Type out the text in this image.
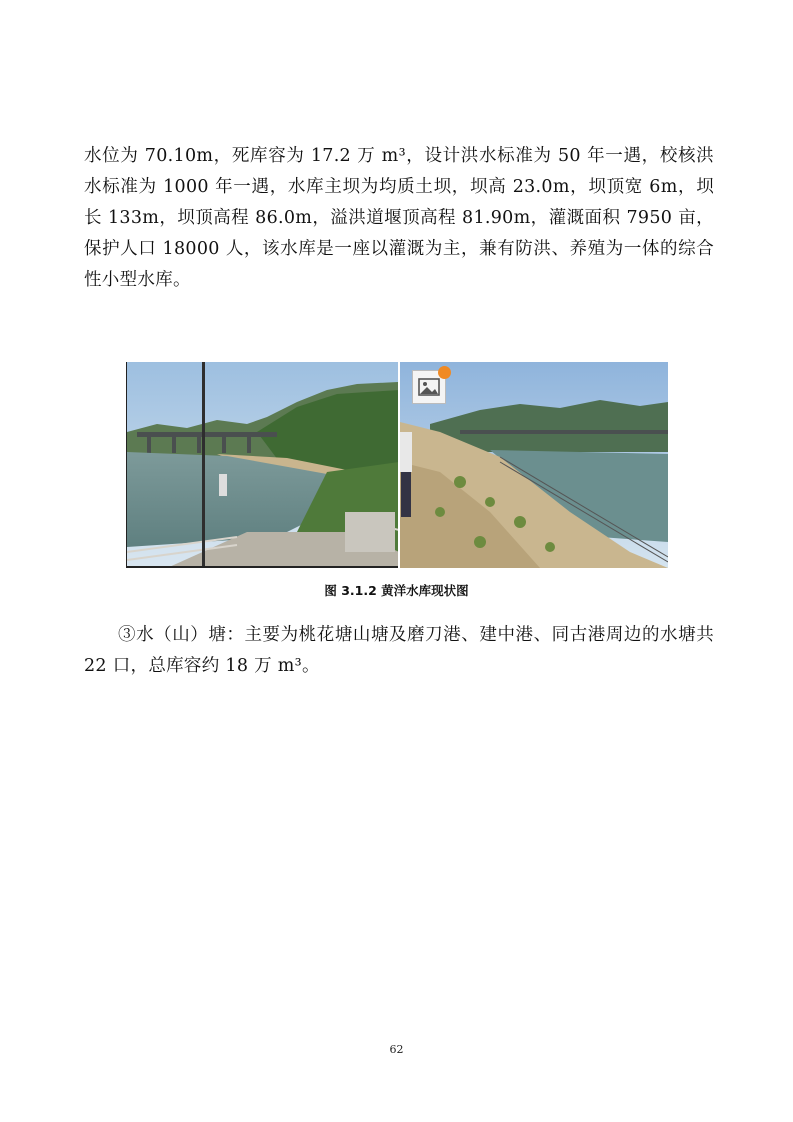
水位为 70.10m，死库容为 17.2 万 m³，设计洪水标准为 50 年一遇，校核洪水标准为 1000 年一遇，水库主坝为均质土坝，坝高 23.0m，坝顶宽 6m，坝长 133m，坝顶高程 86.0m，溢洪道堰顶高程 81.90m，灌溉面积 7950 亩，保护人口 18000 人，该水库是一座以灌溉为主，兼有防洪、养殖为一体的综合性小型水库。

图 3.1.2 黄洋水库现状图

③水（山）塘：主要为桃花塘山塘及磨刀港、建中港、同古港周边的水塘共 22 口，总库容约 18 万 m³。

62
